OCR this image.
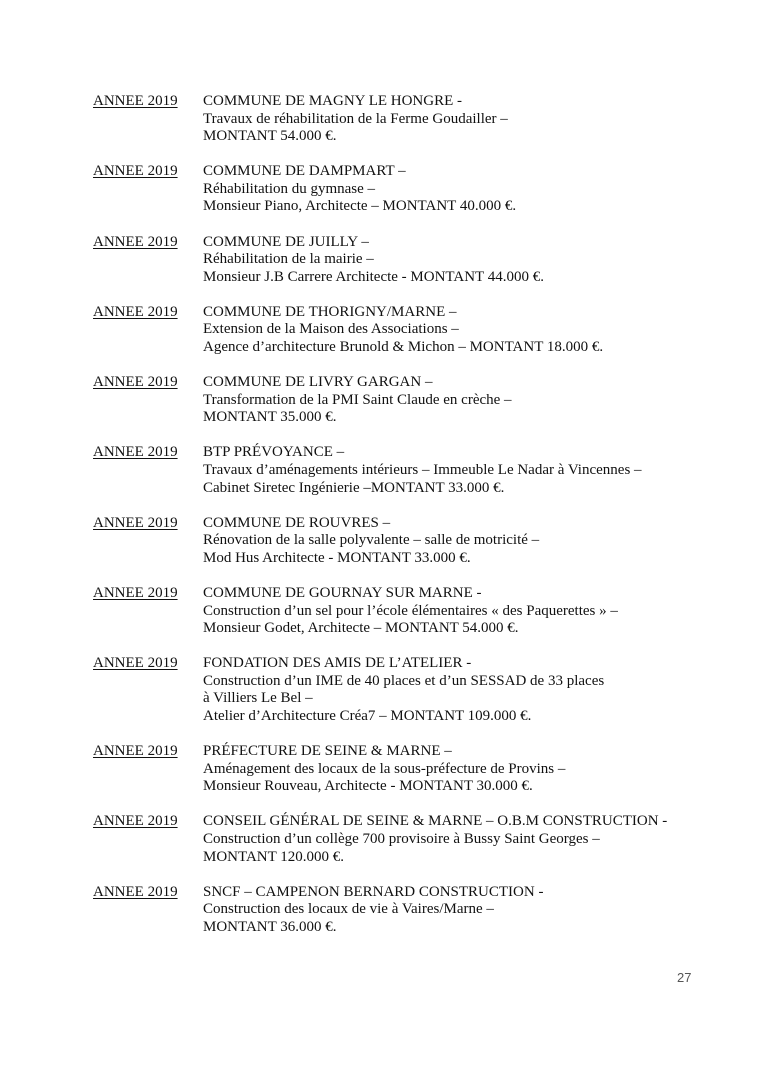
ANNEE 2019	COMMUNE DE MAGNY LE HONGRE -
Travaux de réhabilitation de la Ferme Goudailler –
MONTANT 54.000 €.
ANNEE 2019	COMMUNE DE DAMPMART –
Réhabilitation du gymnase –
Monsieur Piano, Architecte – MONTANT 40.000 €.
ANNEE 2019	COMMUNE DE JUILLY –
Réhabilitation de la mairie –
Monsieur J.B Carrere Architecte - MONTANT 44.000 €.
ANNEE 2019	COMMUNE DE THORIGNY/MARNE –
Extension de la Maison des Associations –
Agence d’architecture Brunold & Michon – MONTANT 18.000 €.
ANNEE 2019	COMMUNE DE LIVRY GARGAN –
Transformation de la PMI Saint Claude en crèche –
MONTANT 35.000 €.
ANNEE 2019	BTP PRÉVOYANCE –
Travaux d’aménagements intérieurs – Immeuble Le Nadar à Vincennes –
Cabinet Siretec Ingénierie –MONTANT 33.000 €.
ANNEE 2019	COMMUNE DE ROUVRES –
Rénovation de la salle polyvalente – salle de motricité –
Mod Hus Architecte - MONTANT 33.000 €.
ANNEE 2019	COMMUNE DE GOURNAY SUR MARNE -
Construction d’un sel pour l’école élémentaires « des Paquerettes » –
Monsieur Godet, Architecte – MONTANT 54.000 €.
ANNEE 2019	FONDATION DES AMIS DE L’ATELIER -
Construction d’un IME de 40 places et d’un SESSAD de 33 places
à Villiers Le Bel –
Atelier d’Architecture Créa7 – MONTANT 109.000 €.
ANNEE 2019	PRÉFECTURE DE SEINE & MARNE –
Aménagement des locaux de la sous-préfecture de Provins –
Monsieur Rouveau, Architecte - MONTANT 30.000 €.
ANNEE 2019	CONSEIL GÉNÉRAL DE SEINE & MARNE – O.B.M CONSTRUCTION -
Construction d’un collège 700 provisoire à Bussy Saint Georges –
MONTANT 120.000 €.
ANNEE 2019	SNCF – CAMPENON BERNARD CONSTRUCTION -
Construction des locaux de vie à Vaires/Marne –
MONTANT 36.000 €.
27
